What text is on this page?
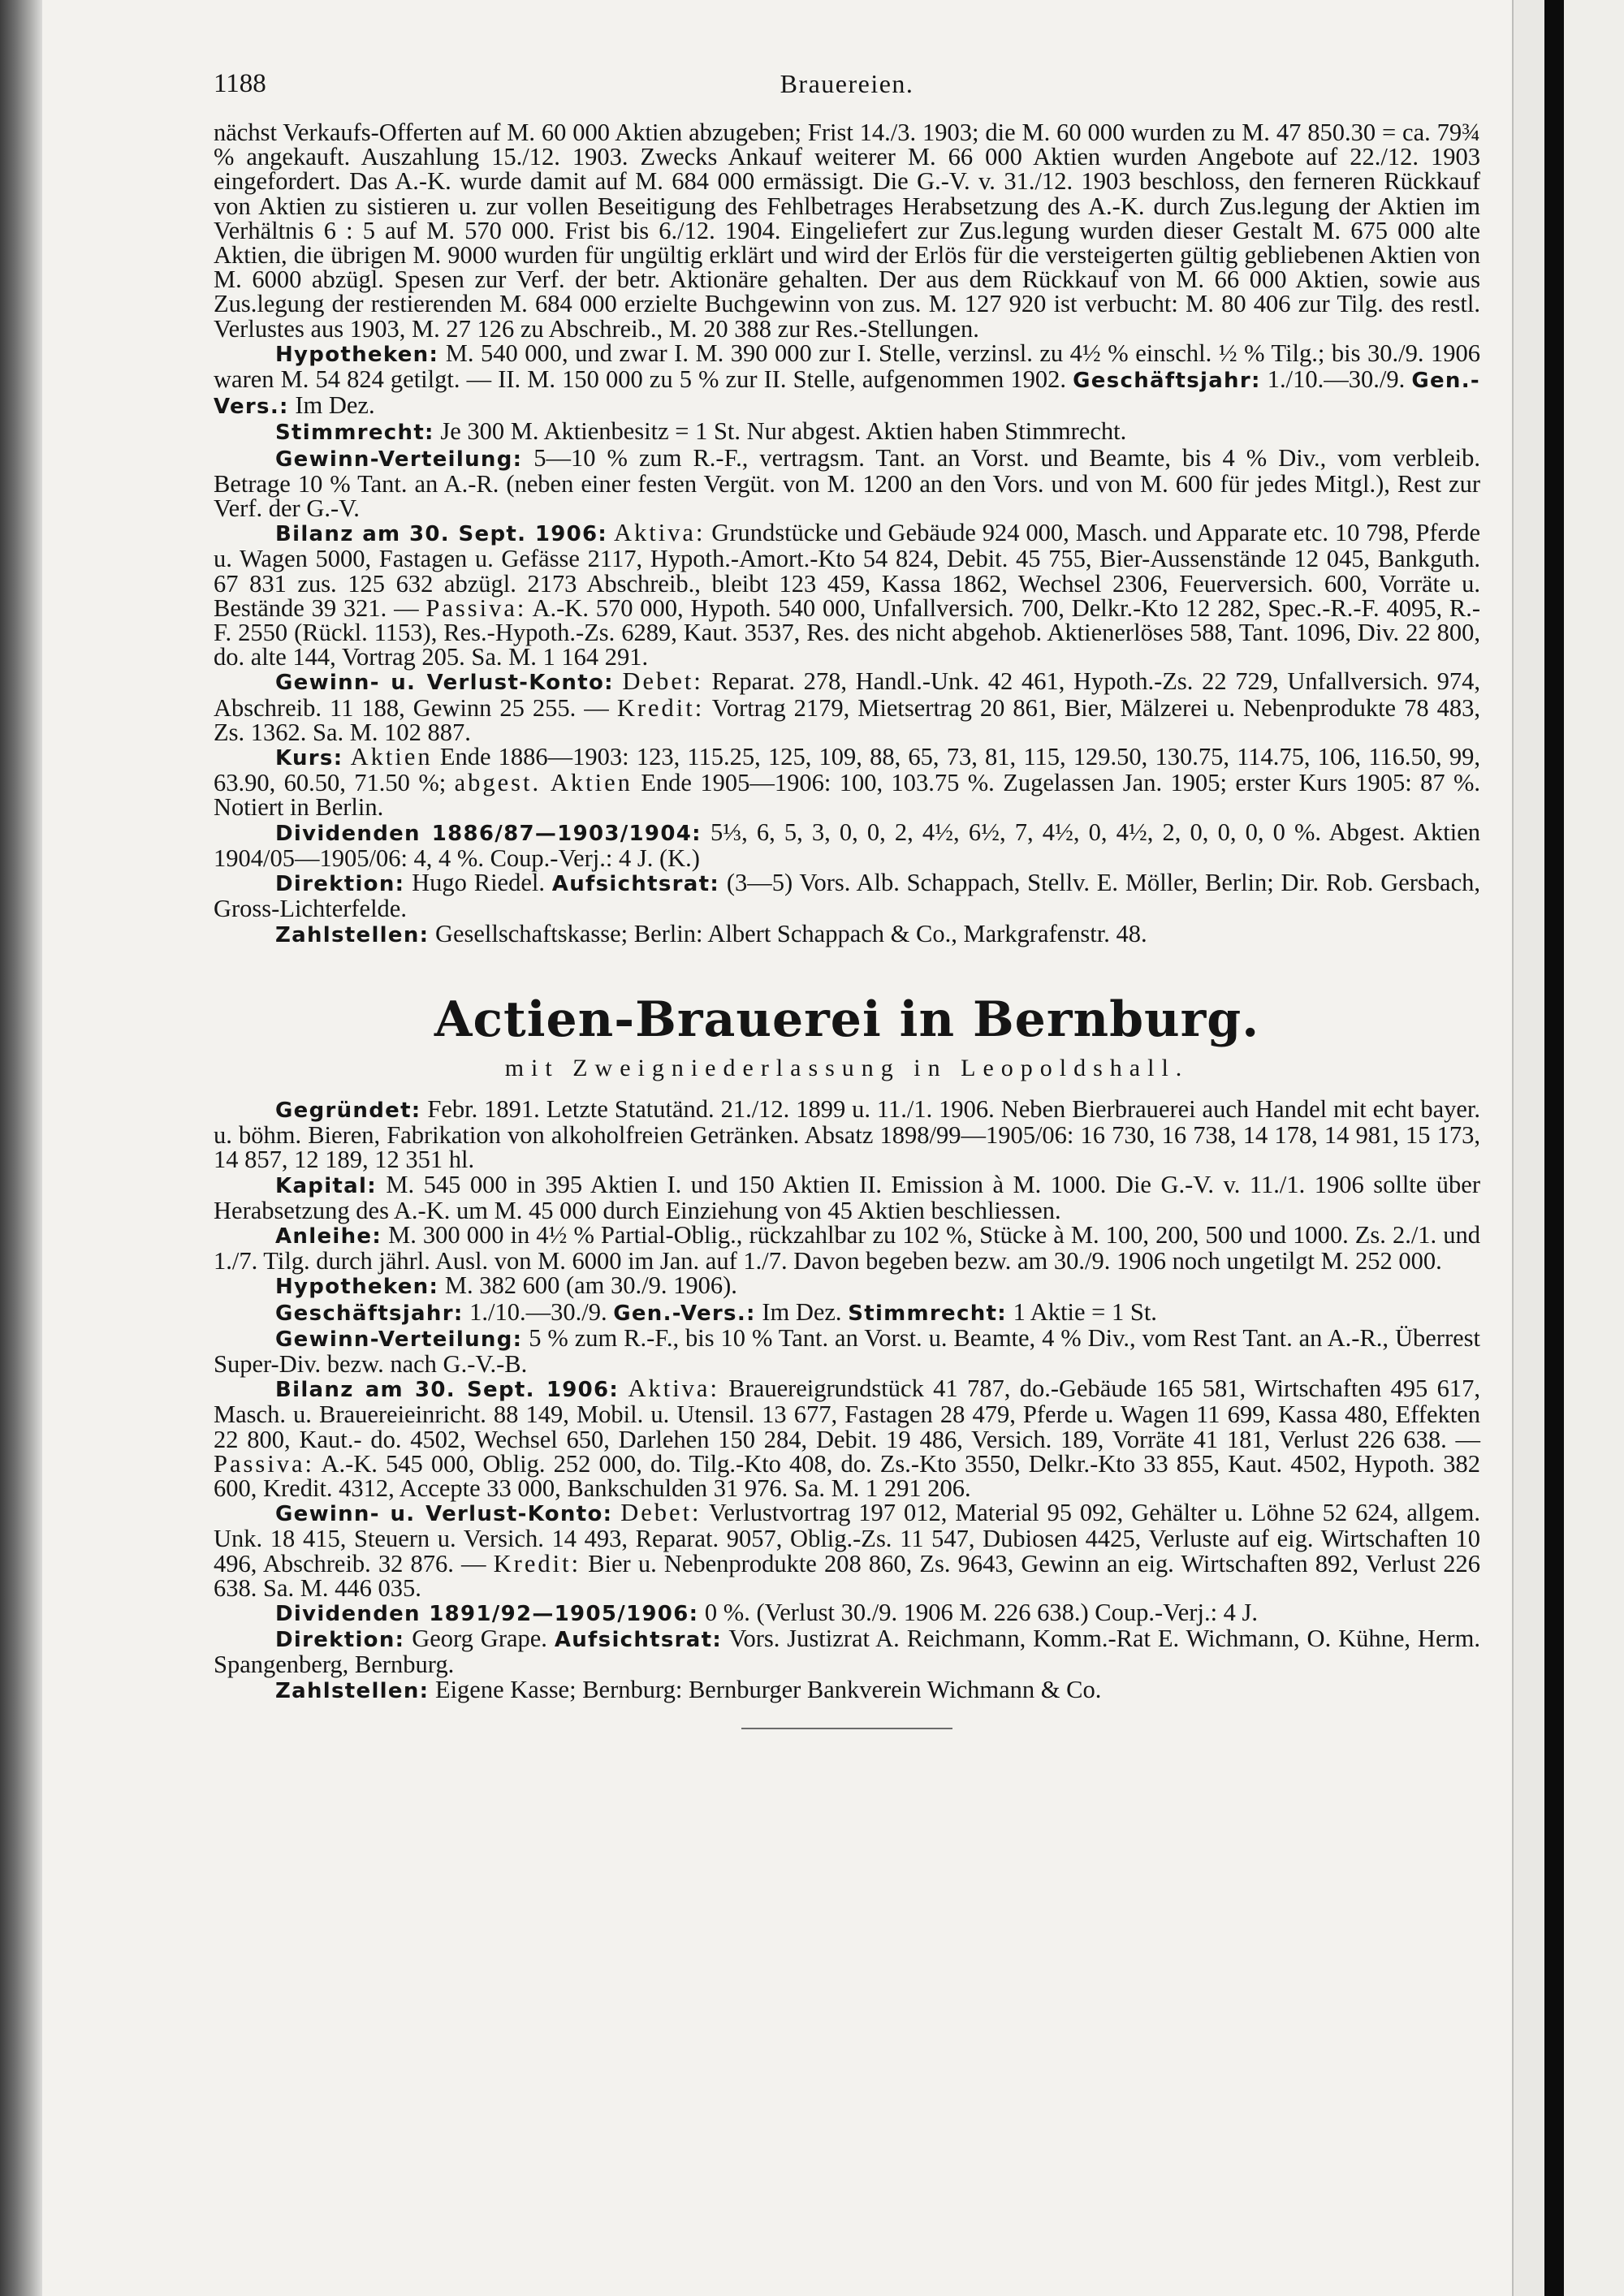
1188	Brauereien.

nächst Verkaufs-Offerten auf M. 60 000 Aktien abzugeben; Frist 14./3. 1903; die M. 60 000 wurden zu M. 47 850.30 = ca. 79¾ % angekauft. Auszahlung 15./12. 1903. Zwecks Ankauf weiterer M. 66 000 Aktien wurden Angebote auf 22./12. 1903 eingefordert. Das A.-K. wurde damit auf M. 684 000 ermässigt. Die G.-V. v. 31./12. 1903 beschloss, den ferneren Rückkauf von Aktien zu sistieren u. zur vollen Beseitigung des Fehlbetrages Herabsetzung des A.-K. durch Zus.legung der Aktien im Verhältnis 6 : 5 auf M. 570 000. Frist bis 6./12. 1904. Eingeliefert zur Zus.legung wurden dieser Gestalt M. 675 000 alte Aktien, die übrigen M. 9000 wurden für ungültig erklärt und wird der Erlös für die versteigerten gültig gebliebenen Aktien von M. 6000 abzügl. Spesen zur Verf. der betr. Aktionäre gehalten. Der aus dem Rückkauf von M. 66 000 Aktien, sowie aus Zus.legung der restierenden M. 684 000 erzielte Buchgewinn von zus. M. 127 920 ist verbucht: M. 80 406 zur Tilg. des restl. Verlustes aus 1903, M. 27 126 zu Abschreib., M. 20 388 zur Res.-Stellungen.

Hypotheken: M. 540 000, und zwar I. M. 390 000 zur I. Stelle, verzinsl. zu 4½ % einschl. ½ % Tilg.; bis 30./9. 1906 waren M. 54 824 getilgt. — II. M. 150 000 zu 5 % zur II. Stelle, aufgenommen 1902. Geschäftsjahr: 1./10.—30./9. Gen.-Vers.: Im Dez.

Stimmrecht: Je 300 M. Aktienbesitz = 1 St. Nur abgest. Aktien haben Stimmrecht.

Gewinn-Verteilung: 5—10 % zum R.-F., vertragsm. Tant. an Vorst. und Beamte, bis 4 % Div., vom verbleib. Betrage 10 % Tant. an A.-R. (neben einer festen Vergüt. von M. 1200 an den Vors. und von M. 600 für jedes Mitgl.), Rest zur Verf. der G.-V.

Bilanz am 30. Sept. 1906: Aktiva: Grundstücke und Gebäude 924 000, Masch. und Apparate etc. 10 798, Pferde u. Wagen 5000, Fastagen u. Gefässe 2117, Hypoth.-Amort.-Kto 54 824, Debit. 45 755, Bier-Aussenstände 12 045, Bankguth. 67 831 zus. 125 632 abzügl. 2173 Abschreib., bleibt 123 459, Kassa 1862, Wechsel 2306, Feuerversich. 600, Vorräte u. Bestände 39 321. — Passiva: A.-K. 570 000, Hypoth. 540 000, Unfallversich. 700, Delkr.-Kto 12 282, Spec.-R.-F. 4095, R.-F. 2550 (Rückl. 1153), Res.-Hypoth.-Zs. 6289, Kaut. 3537, Res. des nicht abgehob. Aktienerlöses 588, Tant. 1096, Div. 22 800, do. alte 144, Vortrag 205. Sa. M. 1 164 291.

Gewinn- u. Verlust-Konto: Debet: Reparat. 278, Handl.-Unk. 42 461, Hypoth.-Zs. 22 729, Unfallversich. 974, Abschreib. 11 188, Gewinn 25 255. — Kredit: Vortrag 2179, Mietsertrag 20 861, Bier, Mälzerei u. Nebenprodukte 78 483, Zs. 1362. Sa. M. 102 887.

Kurs: Aktien Ende 1886—1903: 123, 115.25, 125, 109, 88, 65, 73, 81, 115, 129.50, 130.75, 114.75, 106, 116.50, 99, 63.90, 60.50, 71.50 %; abgest. Aktien Ende 1905—1906: 100, 103.75 %. Zugelassen Jan. 1905; erster Kurs 1905: 87 %. Notiert in Berlin.

Dividenden 1886/87—1903/1904: 5⅓, 6, 5, 3, 0, 0, 2, 4½, 6½, 7, 4½, 0, 4½, 2, 0, 0, 0, 0 %. Abgest. Aktien 1904/05—1905/06: 4, 4 %. Coup.-Verj.: 4 J. (K.)

Direktion: Hugo Riedel. Aufsichtsrat: (3—5) Vors. Alb. Schappach, Stellv. E. Möller, Berlin; Dir. Rob. Gersbach, Gross-Lichterfelde.

Zahlstellen: Gesellschaftskasse; Berlin: Albert Schappach & Co., Markgrafenstr. 48.

Actien-Brauerei in Bernburg.
mit Zweigniederlassung in Leopoldshall.

Gegründet: Febr. 1891. Letzte Statutänd. 21./12. 1899 u. 11./1. 1906. Neben Bierbrauerei auch Handel mit echt bayer. u. böhm. Bieren, Fabrikation von alkoholfreien Getränken. Absatz 1898/99—1905/06: 16 730, 16 738, 14 178, 14 981, 15 173, 14 857, 12 189, 12 351 hl.

Kapital: M. 545 000 in 395 Aktien I. und 150 Aktien II. Emission à M. 1000. Die G.-V. v. 11./1. 1906 sollte über Herabsetzung des A.-K. um M. 45 000 durch Einziehung von 45 Aktien beschliessen.

Anleihe: M. 300 000 in 4½ % Partial-Oblig., rückzahlbar zu 102 %, Stücke à M. 100, 200, 500 und 1000. Zs. 2./1. und 1./7. Tilg. durch jährl. Ausl. von M. 6000 im Jan. auf 1./7. Davon begeben bezw. am 30./9. 1906 noch ungetilgt M. 252 000.

Hypotheken: M. 382 600 (am 30./9. 1906).

Geschäftsjahr: 1./10.—30./9. Gen.-Vers.: Im Dez. Stimmrecht: 1 Aktie = 1 St.

Gewinn-Verteilung: 5 % zum R.-F., bis 10 % Tant. an Vorst. u. Beamte, 4 % Div., vom Rest Tant. an A.-R., Überrest Super-Div. bezw. nach G.-V.-B.

Bilanz am 30. Sept. 1906: Aktiva: Brauereigrundstück 41 787, do.-Gebäude 165 581, Wirtschaften 495 617, Masch. u. Brauereieinricht. 88 149, Mobil. u. Utensil. 13 677, Fastagen 28 479, Pferde u. Wagen 11 699, Kassa 480, Effekten 22 800, Kaut.- do. 4502, Wechsel 650, Darlehen 150 284, Debit. 19 486, Versich. 189, Vorräte 41 181, Verlust 226 638. — Passiva: A.-K. 545 000, Oblig. 252 000, do. Tilg.-Kto 408, do. Zs.-Kto 3550, Delkr.-Kto 33 855, Kaut. 4502, Hypoth. 382 600, Kredit. 4312, Accepte 33 000, Bankschulden 31 976. Sa. M. 1 291 206.

Gewinn- u. Verlust-Konto: Debet: Verlustvortrag 197 012, Material 95 092, Gehälter u. Löhne 52 624, allgem. Unk. 18 415, Steuern u. Versich. 14 493, Reparat. 9057, Oblig.-Zs. 11 547, Dubiosen 4425, Verluste auf eig. Wirtschaften 10 496, Abschreib. 32 876. — Kredit: Bier u. Nebenprodukte 208 860, Zs. 9643, Gewinn an eig. Wirtschaften 892, Verlust 226 638. Sa. M. 446 035.

Dividenden 1891/92—1905/1906: 0 %. (Verlust 30./9. 1906 M. 226 638.) Coup.-Verj.: 4 J.

Direktion: Georg Grape. Aufsichtsrat: Vors. Justizrat A. Reichmann, Komm.-Rat E. Wichmann, O. Kühne, Herm. Spangenberg, Bernburg.

Zahlstellen: Eigene Kasse; Bernburg: Bernburger Bankverein Wichmann & Co.
